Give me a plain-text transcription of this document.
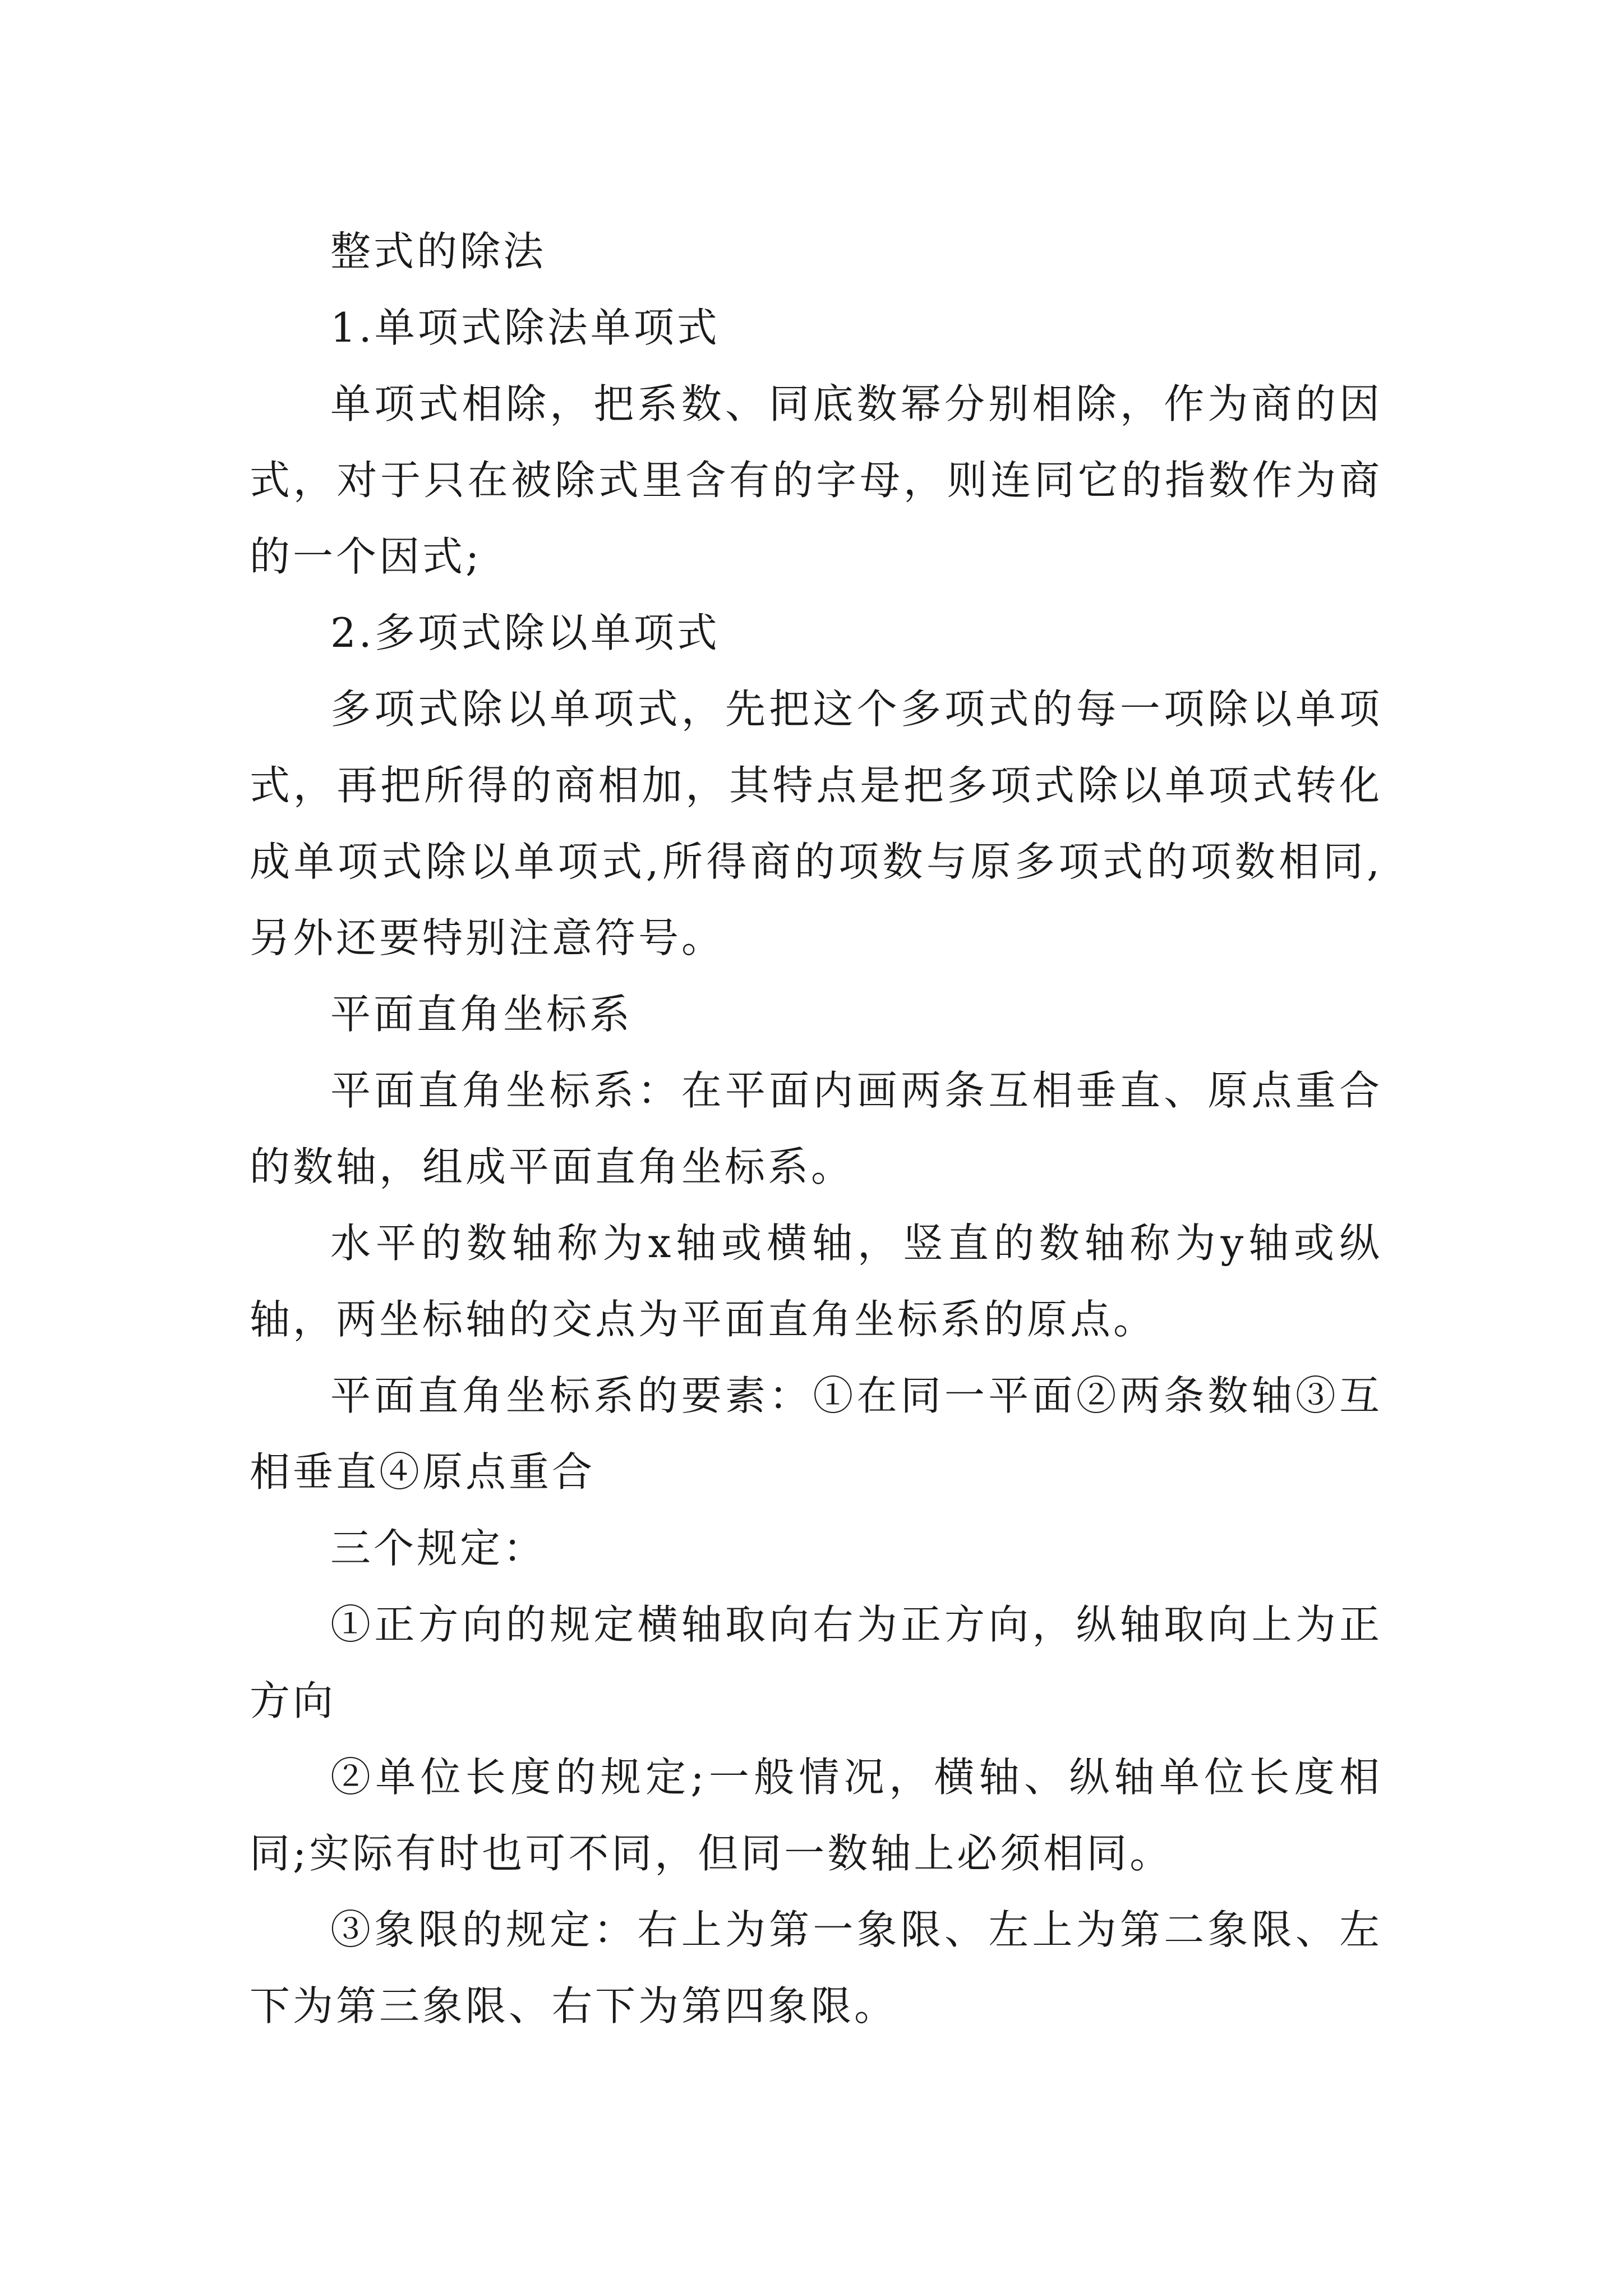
整式的除法

1.单项式除法单项式

单项式相除，把系数、同底数幂分别相除，作为商的因式，对于只在被除式里含有的字母，则连同它的指数作为商的一个因式;

2.多项式除以单项式

多项式除以单项式，先把这个多项式的每一项除以单项式，再把所得的商相加，其特点是把多项式除以单项式转化成单项式除以单项式,所得商的项数与原多项式的项数相同,另外还要特别注意符号。

平面直角坐标系

平面直角坐标系：在平面内画两条互相垂直、原点重合的数轴，组成平面直角坐标系。

水平的数轴称为x轴或横轴，竖直的数轴称为y轴或纵轴，两坐标轴的交点为平面直角坐标系的原点。

平面直角坐标系的要素：①在同一平面②两条数轴③互相垂直④原点重合

三个规定：

①正方向的规定横轴取向右为正方向，纵轴取向上为正方向

②单位长度的规定;一般情况，横轴、纵轴单位长度相同;实际有时也可不同，但同一数轴上必须相同。

③象限的规定：右上为第一象限、左上为第二象限、左下为第三象限、右下为第四象限。
